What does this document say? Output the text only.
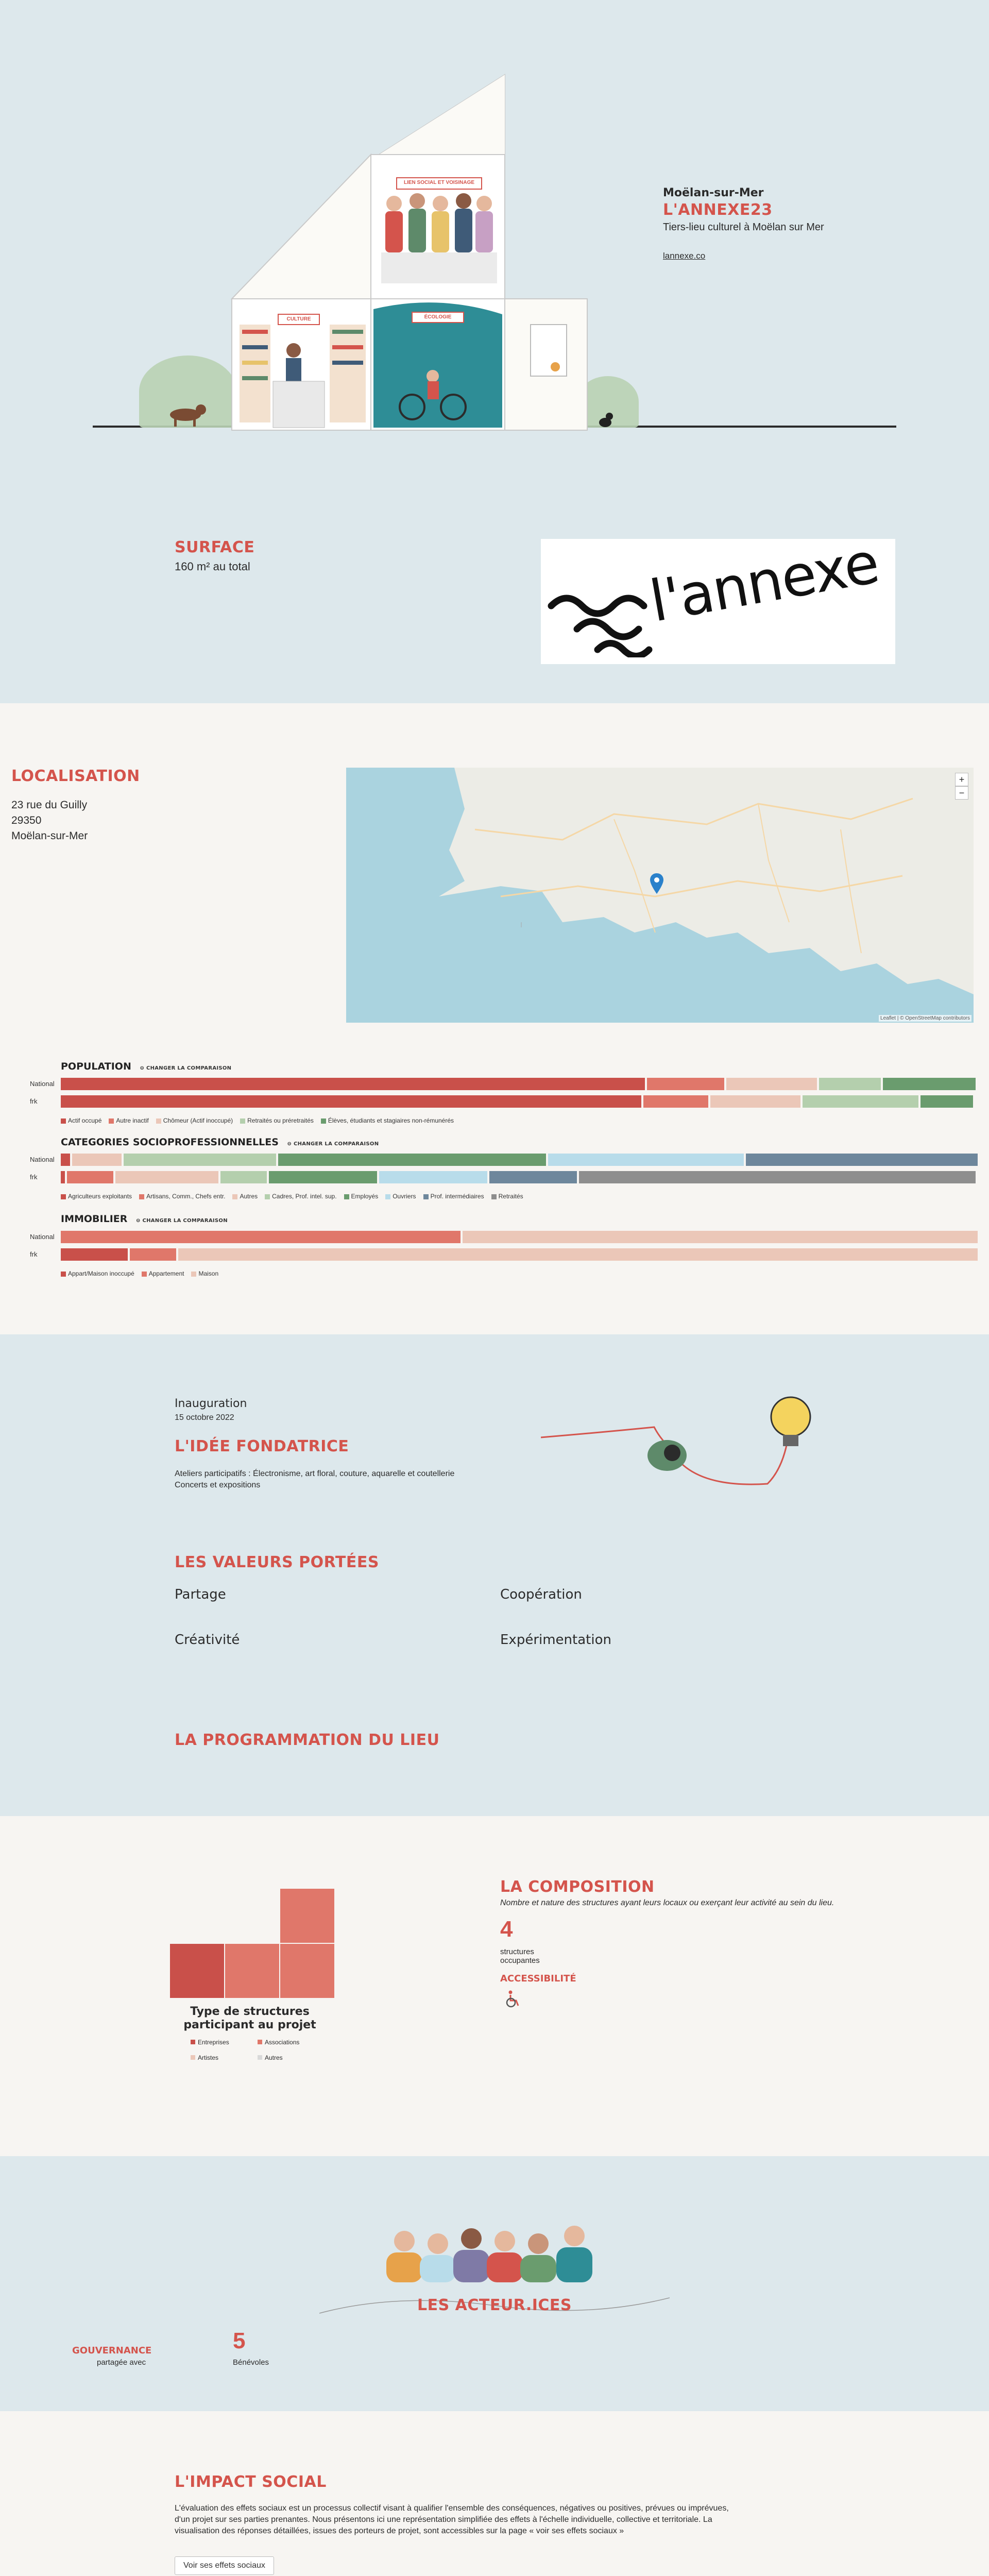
LIEN SOCIAL ET VOISINAGE
CULTURE	ÉCOLOGIE
Moëlan-sur-Mer
L'ANNEXE23
Tiers-lieu culturel à Moëlan sur Mer
lannexe.co
SURFACE
160 m² au total	l'annexe
LOCALISATION
23 rue du Guilly
29350
Moëlan-sur-Mer
+
−
Leaflet | © OpenStreetMap contributors
POPULATION ⊖ CHANGER LA COMPARAISON
National
frk
Actif occupé	Autre inactif	Chômeur (Actif inoccupé)	Retraités ou préretraités	Élèves, étudiants et stagiaires non-rémunérés
CATEGORIES SOCIOPROFESSIONNELLES ⊖ CHANGER LA COMPARAISON
National
frk
Agriculteurs exploitants	Artisans, Comm., Chefs entr.	Autres	Cadres, Prof. intel. sup.	Employés	Ouvriers	Prof. intermédiaires	Retraités
IMMOBILIER ⊖ CHANGER LA COMPARAISON
National
frk
Appart/Maison inoccupé	Appartement	Maison
Inauguration
15 octobre 2022
L'IDÉE FONDATRICE
Ateliers participatifs : Électronisme, art floral, couture, aquarelle et coutellerie
Concerts et expositions
LES VALEURS PORTÉES
Partage	Coopération
Créativité	Expérimentation
LA PROGRAMMATION DU LIEU
Type de structures
participant au projet
Entreprises	Associations
Artistes	Autres
LA COMPOSITION
Nombre et nature des structures ayant leurs locaux ou exerçant leur activité au sein du lieu.
4
structures
occupantes
ACCESSIBILITÉ
LES ACTEUR.ICES
GOUVERNANCE
partagée avec
5
Bénévoles
L'IMPACT SOCIAL
L'évaluation des effets sociaux est un processus collectif visant à qualifier l'ensemble des conséquences, négatives ou positives, prévues ou imprévues,
d'un projet sur ses parties prenantes. Nous présentons ici une représentation simplifiée des effets à l'échelle individuelle, collective et territoriale. La
visualisation des réponses détaillées, issues des porteurs de projet, sont accessibles sur la page « voir ses effets sociaux »
Voir ses effets sociaux
